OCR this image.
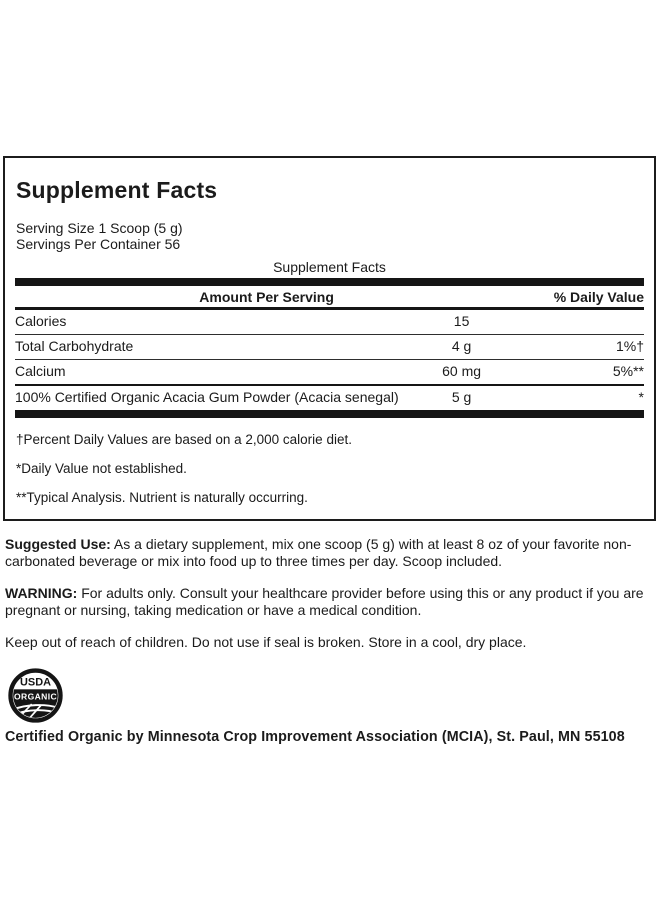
Supplement Facts
Serving Size 1 Scoop (5 g)
Servings Per Container 56
Supplement Facts
Amount Per Serving		% Daily Value
Calories	15	
Total Carbohydrate	4 g	1%†
Calcium	60 mg	5%**
100% Certified Organic Acacia Gum Powder (Acacia senegal)	5 g	*

†Percent Daily Values are based on a 2,000 calorie diet.

*Daily Value not established.

**Typical Analysis. Nutrient is naturally occurring.

Suggested Use: As a dietary supplement, mix one scoop (5 g) with at least 8 oz of your favorite non-carbonated beverage or mix into food up to three times per day. Scoop included.

WARNING: For adults only. Consult your healthcare provider before using this or any product if you are pregnant or nursing, taking medication or have a medical condition.

Keep out of reach of children. Do not use if seal is broken. Store in a cool, dry place.

USDA
ORGANIC

Certified Organic by Minnesota Crop Improvement Association (MCIA), St. Paul, MN 55108
